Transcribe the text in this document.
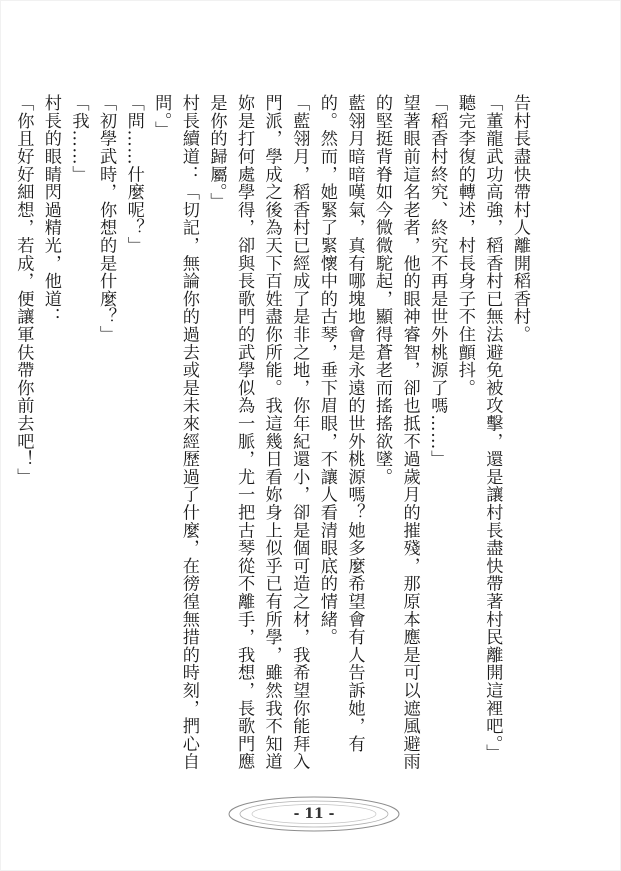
告村長盡快帶村人離開稻香村。

「董龍武功高強，稻香村已無法避免被攻擊，還是讓村長盡快帶著村民離開這裡吧。」

聽完李復的轉述，村長身子不住顫抖。

「稻香村終究、終究不再是世外桃源了嗎……」

望著眼前這名老者，他的眼神睿智，卻也抵不過歲月的摧殘，那原本應是可以遮風避雨的堅挺背脊如今微微駝起，顯得蒼老而搖搖欲墜。

藍翎月暗暗嘆氣，真有哪塊地會是永遠的世外桃源嗎？她多麼希望會有人告訴她，有的。然而，她緊了緊懷中的古琴，垂下眉眼，不讓人看清眼底的情緒。

「藍翎月，稻香村已經成了是非之地，你年紀還小，卻是個可造之材，我希望你能拜入門派，學成之後為天下百姓盡你所能。我這幾日看妳身上似乎已有所學，雖然我不知道妳是打何處學得，卻與長歌門的武學似為一脈，尤一把古琴從不離手，我想，長歌門應是你的歸屬。」

村長續道：「切記，無論你的過去或是未來經歷過了什麼，在徬徨無措的時刻，捫心自問。」

「問……什麼呢？」

「初學武時，你想的是什麼？」

「我……」

村長的眼睛閃過精光，他道：

「你且好好細想，若成，便讓軍伕帶你前去吧！」

- 11 -
